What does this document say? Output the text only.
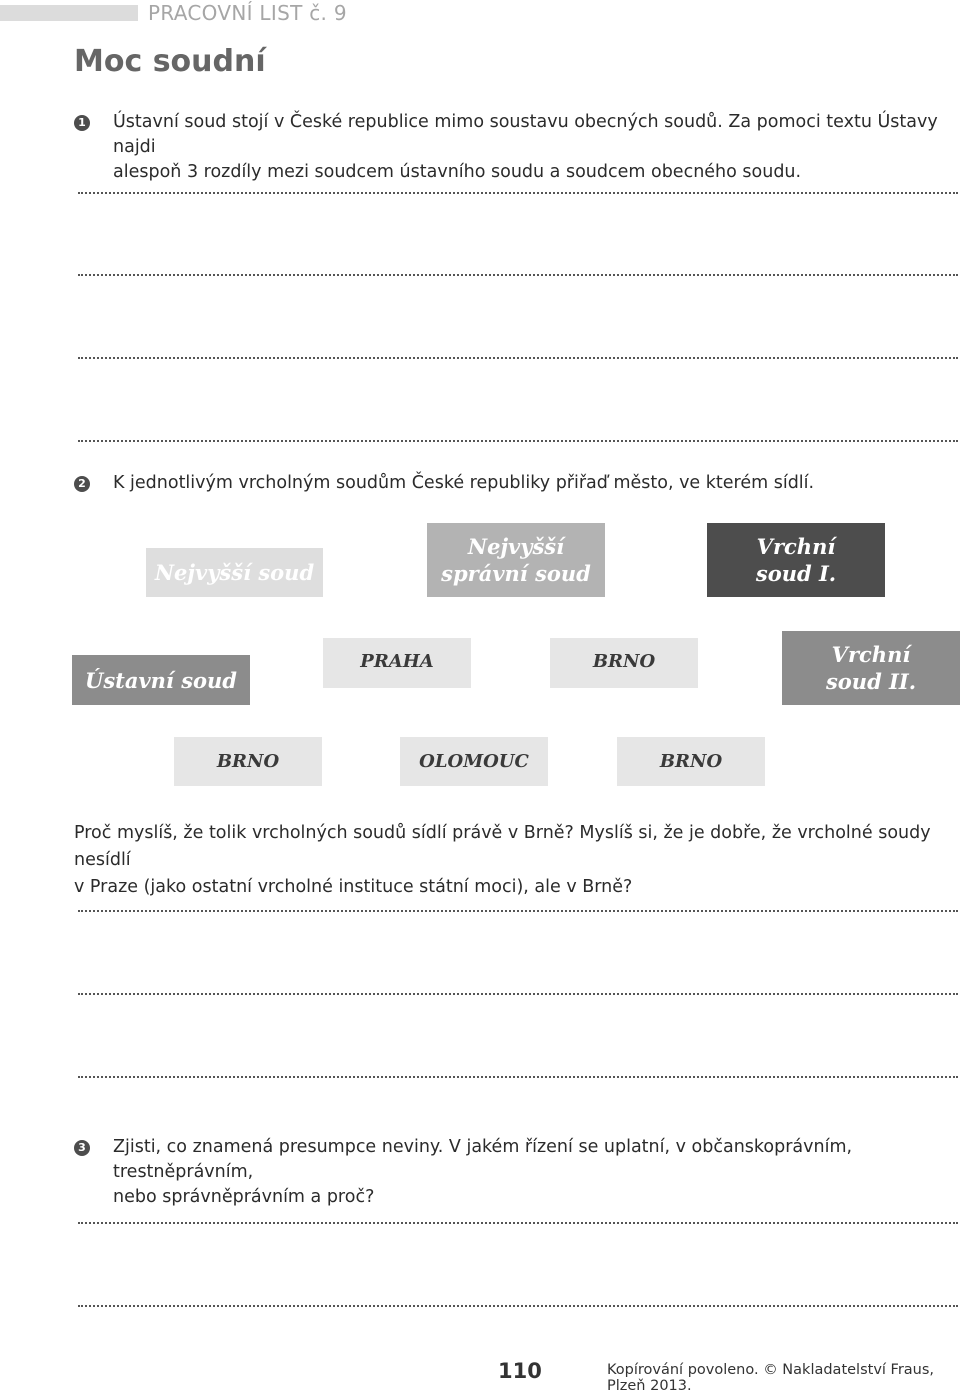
PRACOVNÍ LIST č. 9
Moc soudní
1 Ústavní soud stojí v České republice mimo soustavu obecných soudů. Za pomoci textu Ústavy najdi
alespoň 3 rozdíly mezi soudcem ústavního soudu a soudcem obecného soudu.
2 K jednotlivým vrcholným soudům České republiky přiřaď město, ve kterém sídlí.
Nejvyšší soud
Nejvyšší
správní soud
Vrchní
soud I.
Ústavní soud
Vrchní
soud II.
PRAHA	BRNO
BRNO	OLOMOUC	BRNO
Proč myslíš, že tolik vrcholných soudů sídlí právě v Brně? Myslíš si, že je dobře, že vrcholné soudy nesídlí
v Praze (jako ostatní vrcholné instituce státní moci), ale v Brně?
3 Zjisti, co znamená presumpce neviny. V jakém řízení se uplatní, v občanskoprávním, trestněprávním,
nebo správněprávním a proč?
110	Kopírování povoleno. © Nakladatelství Fraus, Plzeň 2013.
